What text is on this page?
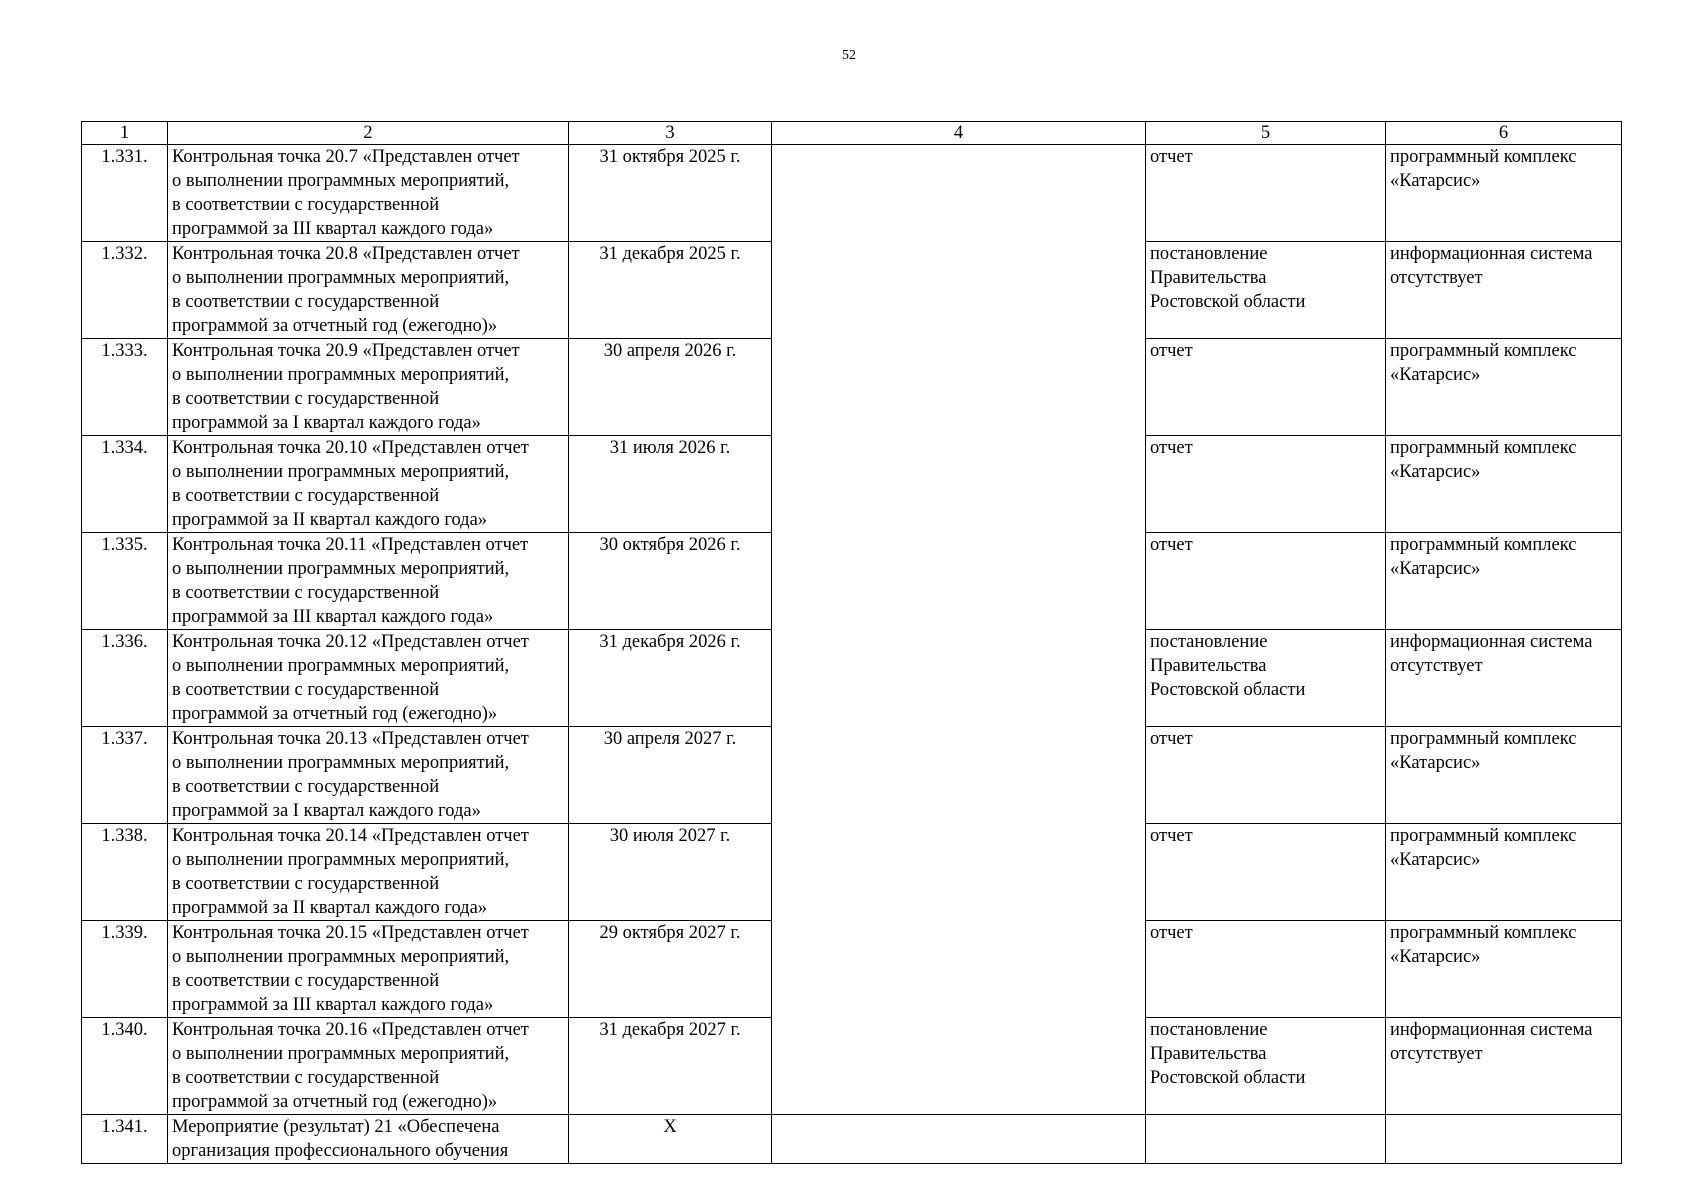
52
1	2	3	4	5	6
1.331.	Контрольная точка 20.7 «Представлен отчет
о выполнении программных мероприятий,
в соответствии с государственной
программой за III квартал каждого года»	31 октября 2025 г.		отчет	программный комплекс
«Катарсис»
1.332.	Контрольная точка 20.8 «Представлен отчет
о выполнении программных мероприятий,
в соответствии с государственной
программой за отчетный год (ежегодно)»	31 декабря 2025 г.		постановление
Правительства
Ростовской области	информационная система
отсутствует
1.333.	Контрольная точка 20.9 «Представлен отчет
о выполнении программных мероприятий,
в соответствии с государственной
программой за I квартал каждого года»	30 апреля 2026 г.		отчет	программный комплекс
«Катарсис»
1.334.	Контрольная точка 20.10 «Представлен отчет
о выполнении программных мероприятий,
в соответствии с государственной
программой за II квартал каждого года»	31 июля 2026 г.		отчет	программный комплекс
«Катарсис»
1.335.	Контрольная точка 20.11 «Представлен отчет
о выполнении программных мероприятий,
в соответствии с государственной
программой за III квартал каждого года»	30 октября 2026 г.		отчет	программный комплекс
«Катарсис»
1.336.	Контрольная точка 20.12 «Представлен отчет
о выполнении программных мероприятий,
в соответствии с государственной
программой за отчетный год (ежегодно)»	31 декабря 2026 г.		постановление
Правительства
Ростовской области	информационная система
отсутствует
1.337.	Контрольная точка 20.13 «Представлен отчет
о выполнении программных мероприятий,
в соответствии с государственной
программой за I квартал каждого года»	30 апреля 2027 г.		отчет	программный комплекс
«Катарсис»
1.338.	Контрольная точка 20.14 «Представлен отчет
о выполнении программных мероприятий,
в соответствии с государственной
программой за II квартал каждого года»	30 июля 2027 г.		отчет	программный комплекс
«Катарсис»
1.339.	Контрольная точка 20.15 «Представлен отчет
о выполнении программных мероприятий,
в соответствии с государственной
программой за III квартал каждого года»	29 октября 2027 г.		отчет	программный комплекс
«Катарсис»
1.340.	Контрольная точка 20.16 «Представлен отчет
о выполнении программных мероприятий,
в соответствии с государственной
программой за отчетный год (ежегодно)»	31 декабря 2027 г.		постановление
Правительства
Ростовской области	информационная система
отсутствует
1.341.	Мероприятие (результат) 21 «Обеспечена
организация профессионального обучения	X			
